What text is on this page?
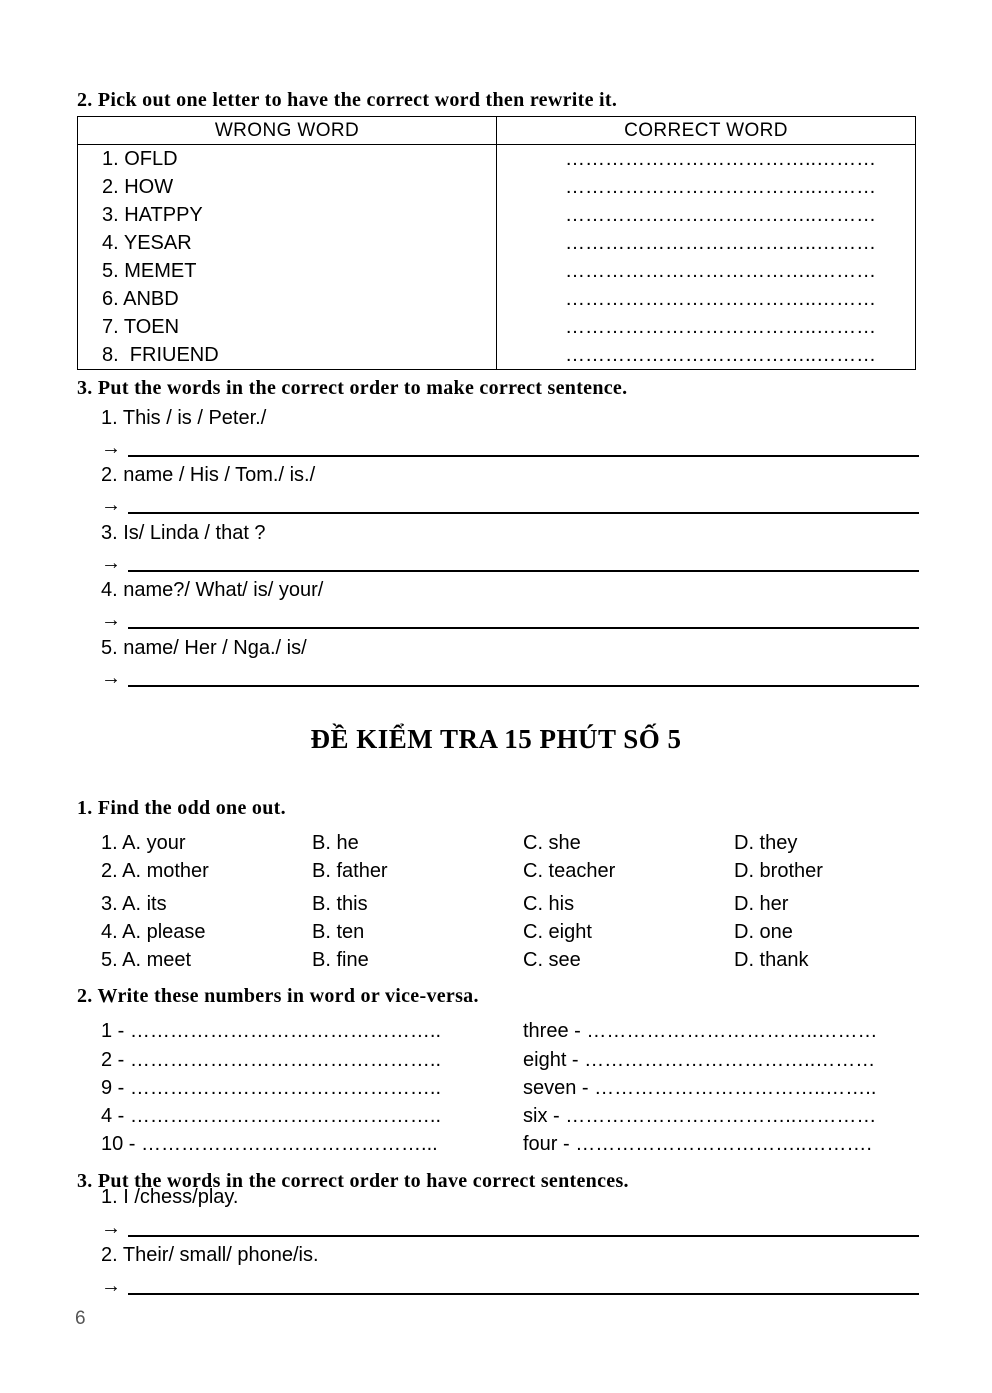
2. Pick out one letter to have the correct word then rewrite it.
WRONG WORD	CORRECT WORD
1. OFLD	………………………………..………
2. HOW	………………………………..………
3. HATPPY	………………………………..………
4. YESAR	………………………………..………
5. MEMET	………………………………..………
6. ANBD	………………………………..………
7. TOEN	………………………………..………
8.  FRIUEND	………………………………..………
3. Put the words in the correct order to make correct sentence.
1. This / is / Peter./
→
2. name / His / Tom./ is./
→
3. Is/ Linda / that ?
→
4. name?/ What/ is/ your/
→
5. name/ Her / Nga./ is/
→
ĐỀ KIỂM TRA 15 PHÚT SỐ 5
1. Find the odd one out.
1. A. your	B. he	C. she	D. they
2. A. mother	B. father	C. teacher	D. brother
3. A. its	B. this	C. his	D. her
4. A. please	B. ten	C. eight	D. one
5. A. meet	B. fine	C. see	D. thank
2. Write these numbers in word or vice-versa.
1 - ………………………………………..	three - ……………………………..………
2 - ………………………………………..	eight - ……………………………..………
9 - ………………………………………..	seven - ……………………………..……..
4 - ………………………………………..	six - ……………………………..…………
10 - ……………………………………...	four - ……………………………..……….
1. I /chess/play.
3. Put the words in the correct order to have correct sentences.
→
2. Their/ small/ phone/is.
→
6
